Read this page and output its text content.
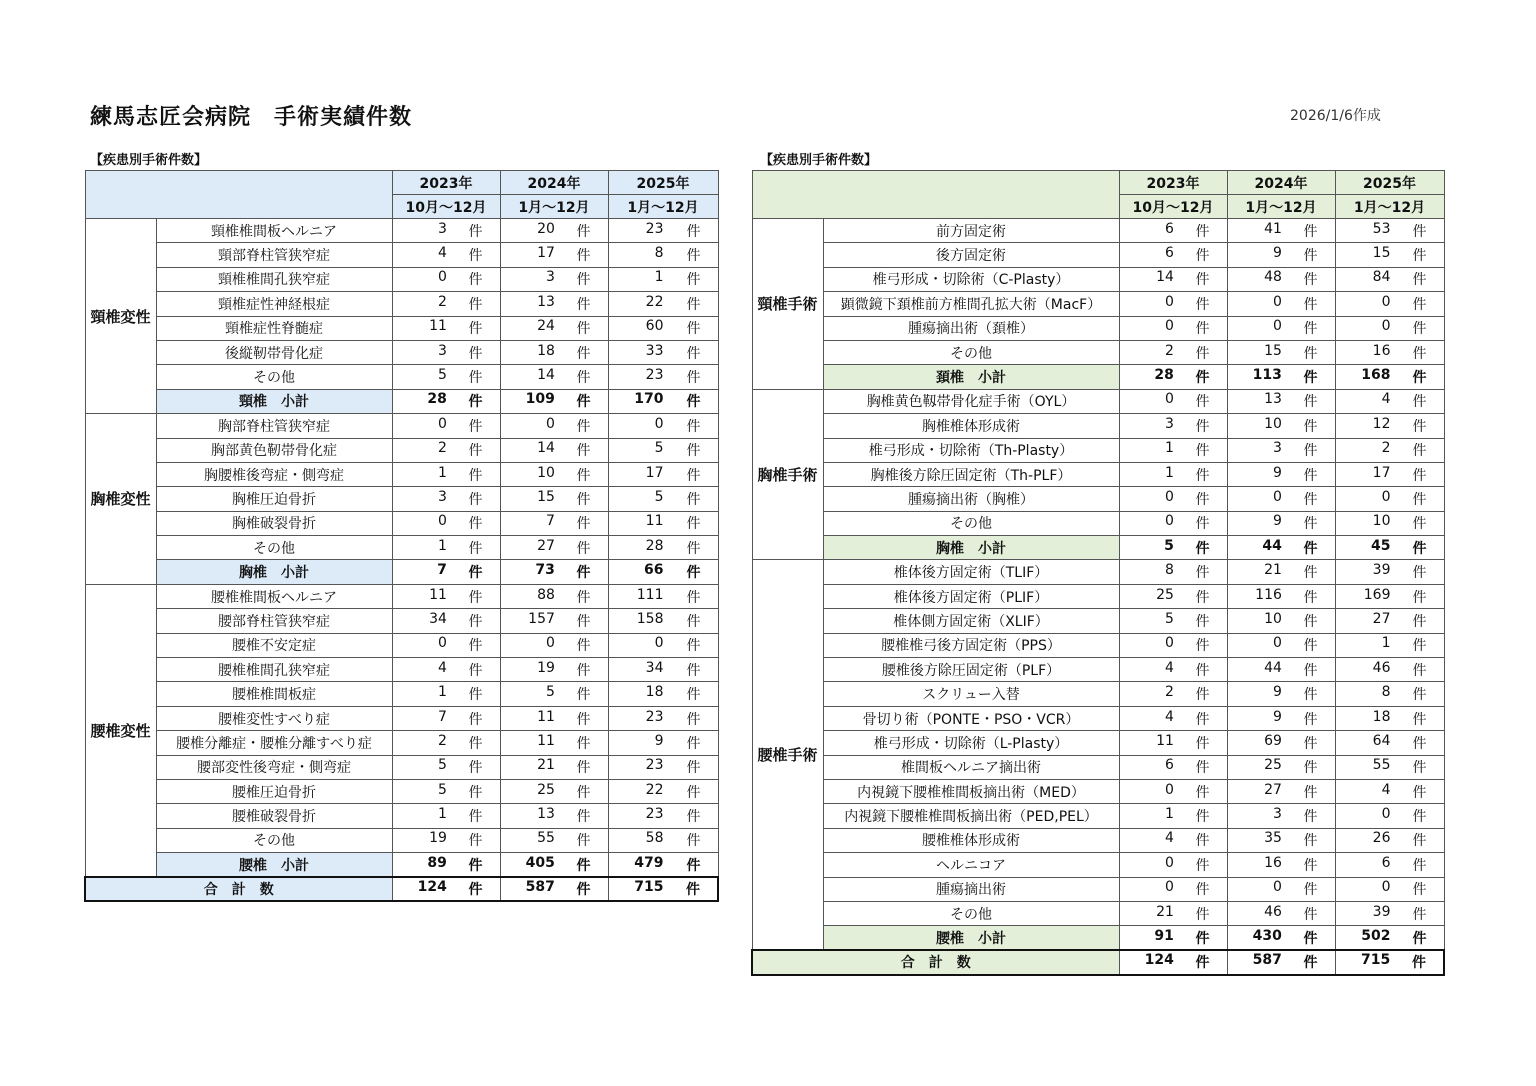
練馬志匠会病院　手術実績件数	2026/1/6作成
【疾患別手術件数】	【疾患別手術件数】
		2023年	2024年	2025年
		10月～12月	1月～12月	1月～12月
頸椎変性	頸椎椎間板ヘルニア	3 件	20 件	23 件

	頸部脊柱管狭窄症	4 件	17 件	8 件

	頸椎椎間孔狭窄症	0 件	3 件	1 件

	頸椎症性神経根症	2 件	13 件	22 件

	頸椎症性脊髄症	11 件	24 件	60 件

	後縦靭帯骨化症	3 件	18 件	33 件

	その他	5 件	14 件	23 件

	頸椎　小計	28 件	109 件	170 件

胸椎変性	胸部脊柱管狭窄症	0 件	0 件	0 件

	胸部黄色靭帯骨化症	2 件	14 件	5 件

	胸腰椎後弯症・側弯症	1 件	10 件	17 件

	胸椎圧迫骨折	3 件	15 件	5 件

	胸椎破裂骨折	0 件	7 件	11 件

	その他	1 件	27 件	28 件

	胸椎　小計	7 件	73 件	66 件

腰椎変性	腰椎椎間板ヘルニア	11 件	88 件	111 件

	腰部脊柱管狭窄症	34 件	157 件	158 件

	腰椎不安定症	0 件	0 件	0 件

	腰椎椎間孔狭窄症	4 件	19 件	34 件

	腰椎椎間板症	1 件	5 件	18 件

	腰椎変性すべり症	7 件	11 件	23 件

	腰椎分離症・腰椎分離すべり症	2 件	11 件	9 件

	腰部変性後弯症・側弯症	5 件	21 件	23 件

	腰椎圧迫骨折	5 件	25 件	22 件

	腰椎破裂骨折	1 件	13 件	23 件

	その他	19 件	55 件	58 件

	腰椎　小計	89 件	405 件	479 件

合　計　数		124 件	587 件	715 件
		2023年	2024年	2025年
		10月～12月	1月～12月	1月～12月
頸椎手術	前方固定術	6 件	41 件	53 件

	後方固定術	6 件	9 件	15 件

	椎弓形成・切除術（C-Plasty）	14 件	48 件	84 件

	顕微鏡下頚椎前方椎間孔拡大術（MacF）	0 件	0 件	0 件

	腫瘍摘出術（頚椎）	0 件	0 件	0 件

	その他	2 件	15 件	16 件

	頚椎　小計	28 件	113 件	168 件

胸椎手術	胸椎黄色靱帯骨化症手術（OYL）	0 件	13 件	4 件

	胸椎椎体形成術	3 件	10 件	12 件

	椎弓形成・切除術（Th-Plasty）	1 件	3 件	2 件

	胸椎後方除圧固定術（Th-PLF）	1 件	9 件	17 件

	腫瘍摘出術（胸椎）	0 件	0 件	0 件

	その他	0 件	9 件	10 件

	胸椎　小計	5 件	44 件	45 件

腰椎手術	椎体後方固定術（TLIF）	8 件	21 件	39 件

	椎体後方固定術（PLIF）	25 件	116 件	169 件

	椎体側方固定術（XLIF）	5 件	10 件	27 件

	腰椎椎弓後方固定術（PPS）	0 件	0 件	1 件

	腰椎後方除圧固定術（PLF）	4 件	44 件	46 件

	スクリュー入替	2 件	9 件	8 件

	骨切り術（PONTE・PSO・VCR）	4 件	9 件	18 件

	椎弓形成・切除術（L-Plasty）	11 件	69 件	64 件

	椎間板ヘルニア摘出術	6 件	25 件	55 件

	内視鏡下腰椎椎間板摘出術（MED）	0 件	27 件	4 件

	内視鏡下腰椎椎間板摘出術（PED,PEL）	1 件	3 件	0 件

	腰椎椎体形成術	4 件	35 件	26 件

	ヘルニコア	0 件	16 件	6 件

	腫瘍摘出術	0 件	0 件	0 件

	その他	21 件	46 件	39 件

	腰椎　小計	91 件	430 件	502 件

合　計　数		124 件	587 件	715 件
